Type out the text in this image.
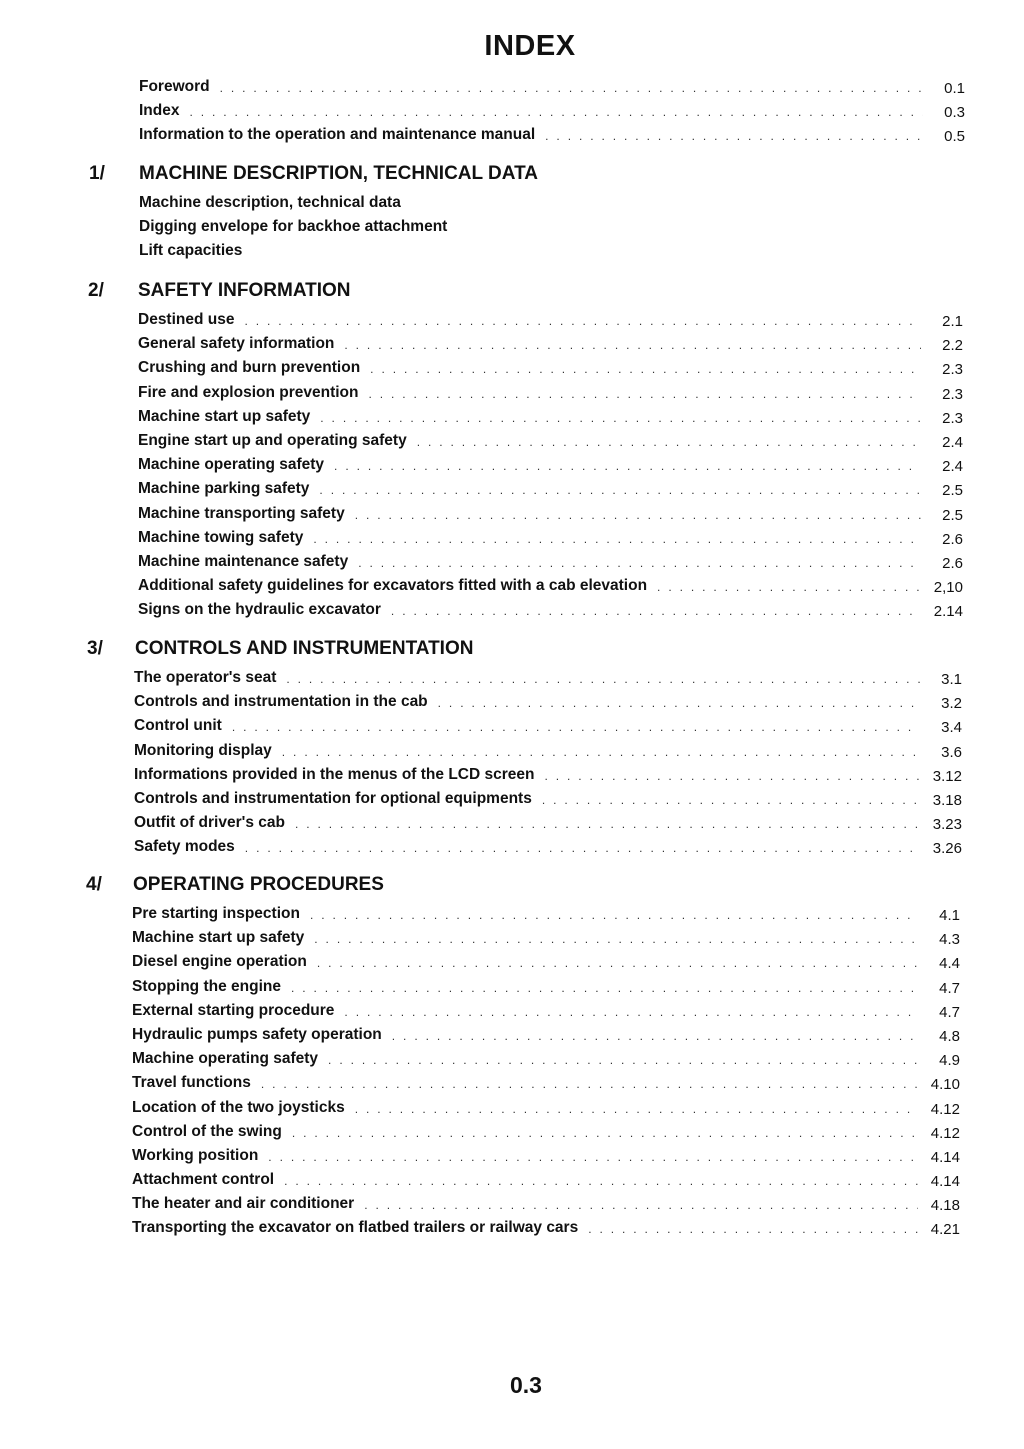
INDEX
Foreword . . .	0.1
Index . . .	0.3
Information to the operation and maintenance manual . . .	0.5
1/ MACHINE DESCRIPTION, TECHNICAL DATA
Machine description, technical data
Digging envelope for backhoe attachment
Lift capacities
2/ SAFETY INFORMATION
Destined use . . .	2.1
General safety information . . .	2.2
Crushing and burn prevention . . .	2.3
Fire and explosion prevention . . .	2.3
Machine start up safety . . .	2.3
Engine start up and operating safety . . .	2.4
Machine operating safety . . .	2.4
Machine parking safety . . .	2.5
Machine transporting safety . . .	2.5
Machine towing safety . . .	2.6
Machine maintenance safety . . .	2.6
Additional safety guidelines for excavators fitted with a cab elevation . . .	2,10
Signs on the hydraulic excavator . . .	2.14
3/ CONTROLS AND INSTRUMENTATION
The operator's seat . . .	3.1
Controls and instrumentation in the cab . . .	3.2
Control unit . . .	3.4
Monitoring display . . .	3.6
Informations provided in the menus of the LCD screen . . .	3.12
Controls and instrumentation for optional equipments . . .	3.18
Outfit of driver's cab . . .	3.23
Safety modes . . .	3.26
4/ OPERATING PROCEDURES
Pre starting inspection . . .	4.1
Machine start up safety . . .	4.3
Diesel engine operation . . .	4.4
Stopping the engine . . .	4.7
External starting procedure . . .	4.7
Hydraulic pumps safety operation . . .	4.8
Machine operating safety . . .	4.9
Travel functions . . .	4.10
Location of the two joysticks . . .	4.12
Control of the swing . . .	4.12
Working position . . .	4.14
Attachment control . . .	4.14
The heater and air conditioner . . .	4.18
Transporting the excavator on flatbed trailers or railway cars . . .	4.21
0.3
